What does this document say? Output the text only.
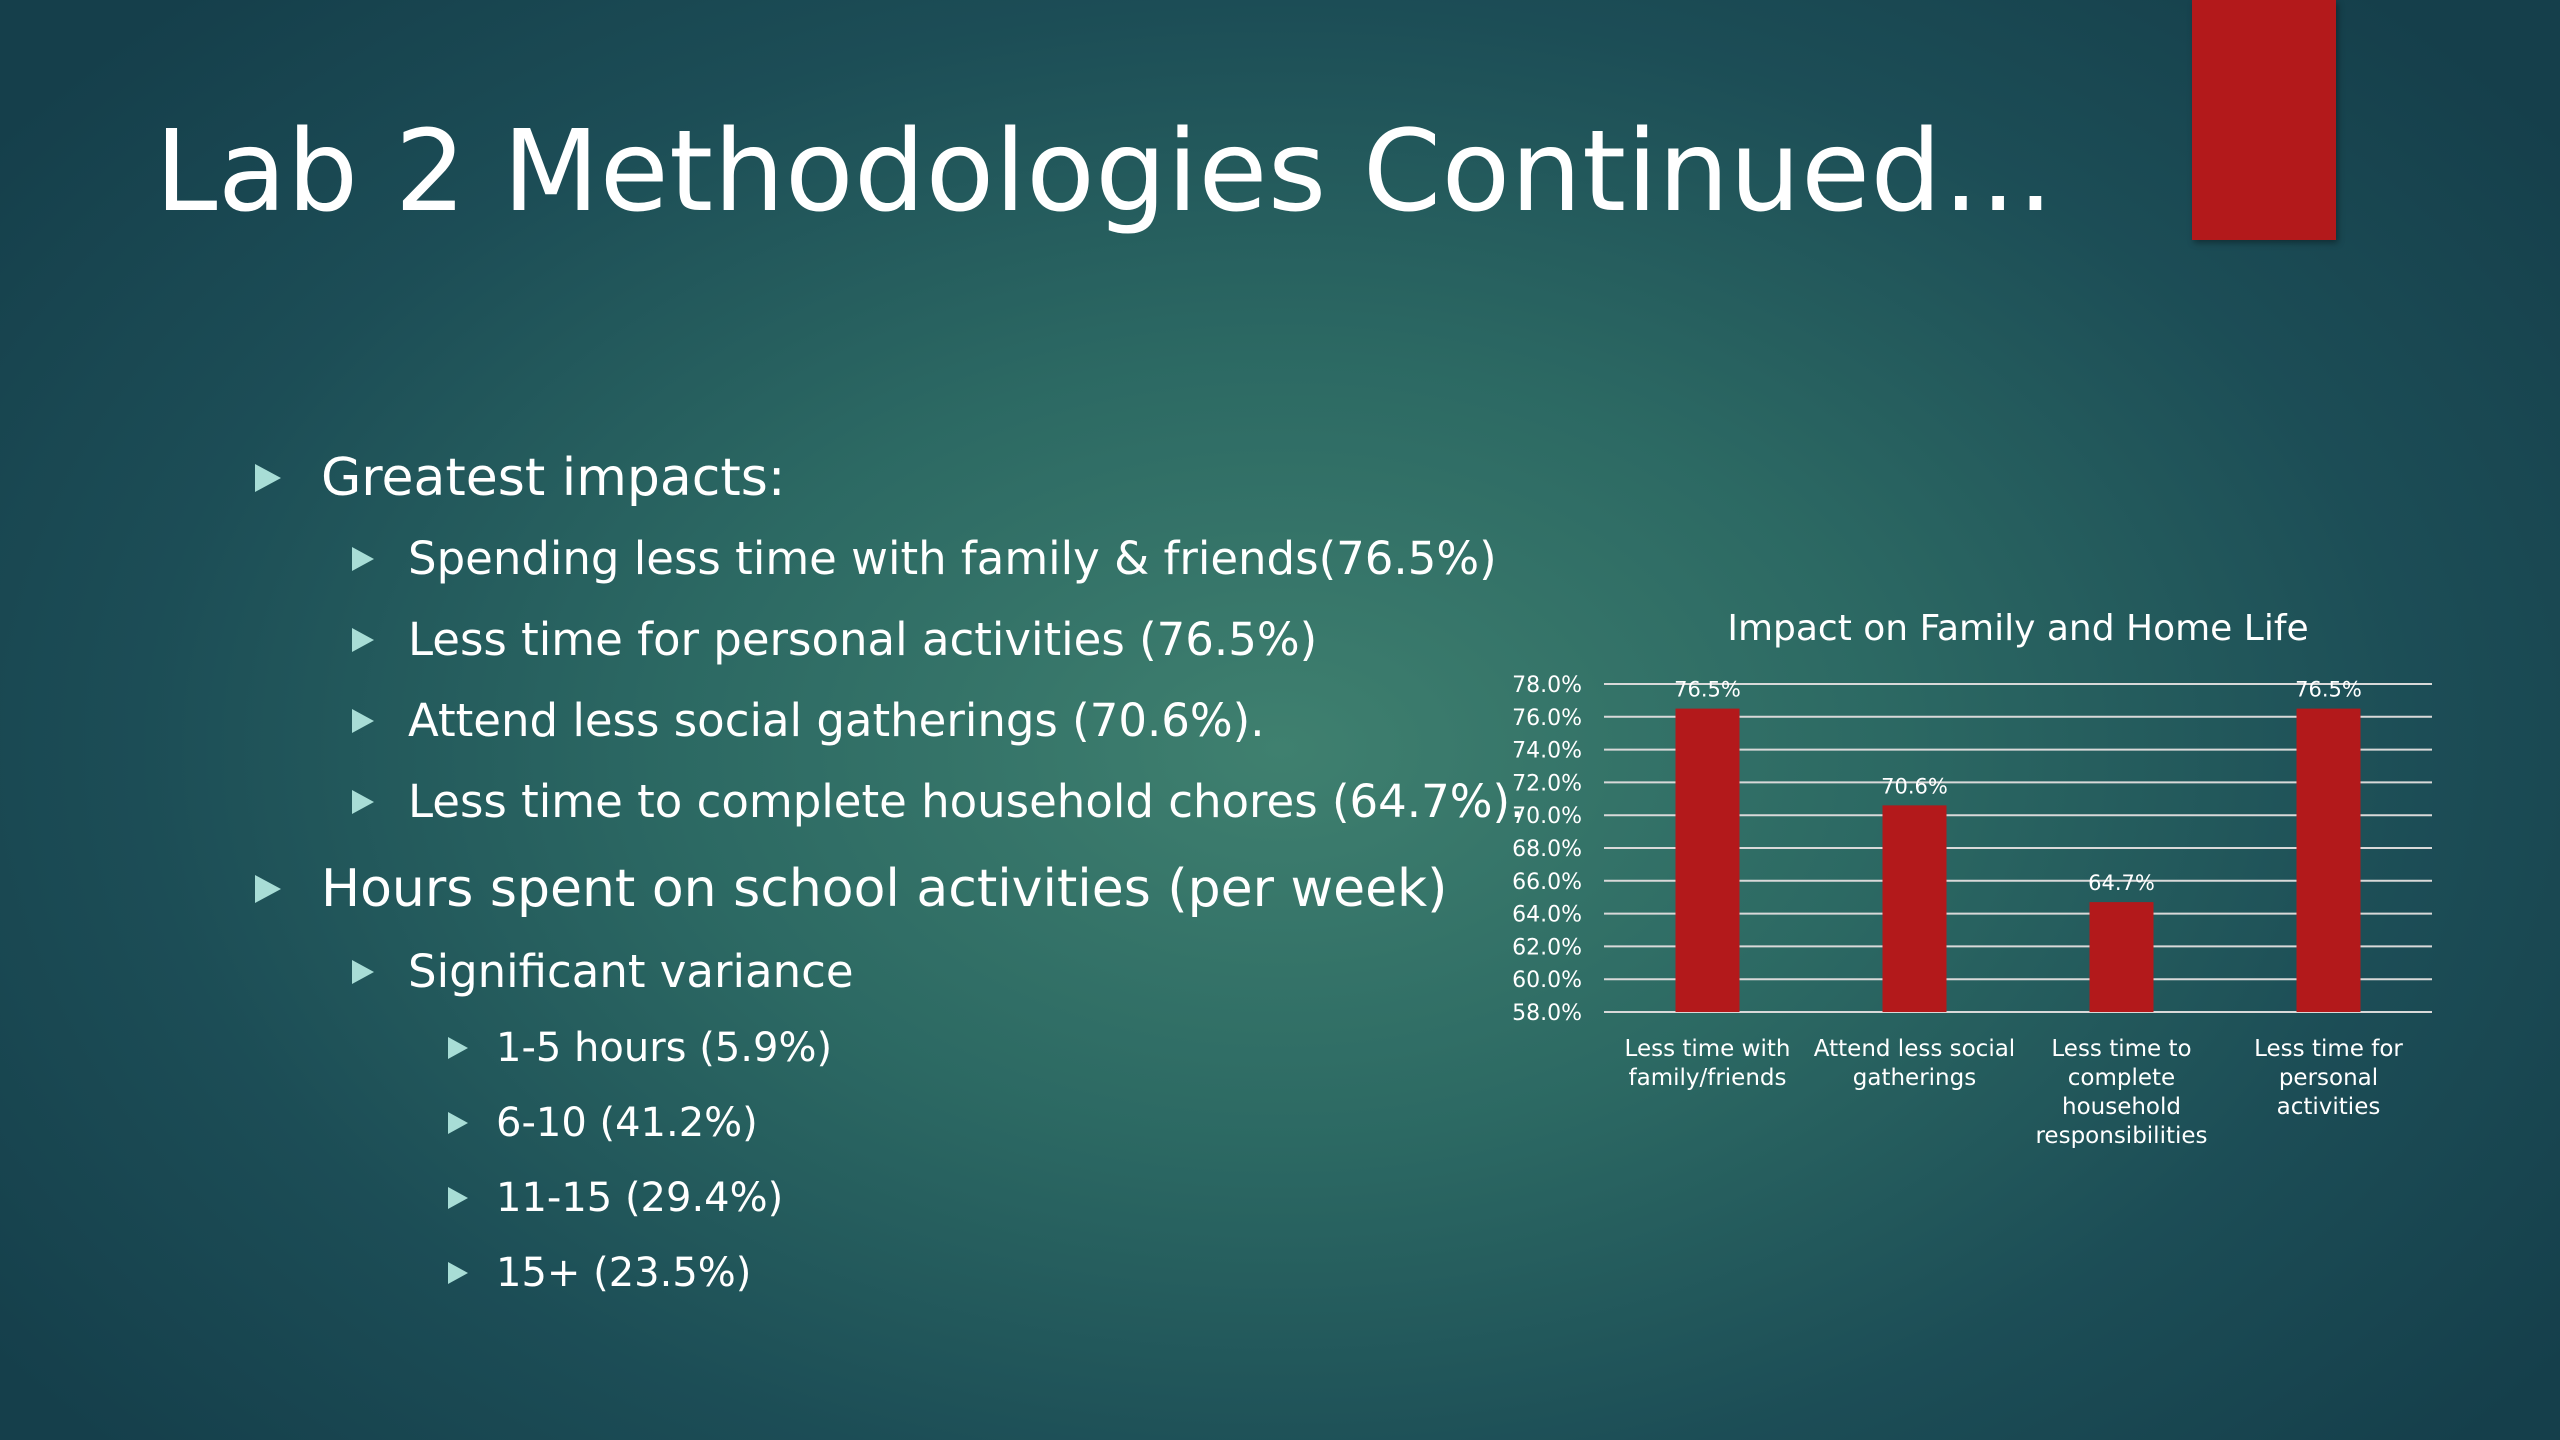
Lab 2 Methodologies Continued…
Greatest impacts:
Spending less time with family & friends(76.5%)
Less time for personal activities (76.5%)
Attend less social gatherings (70.6%).
Less time to complete household chores (64.7%).
Hours spent on school activities (per week)
Significant variance
1-5 hours (5.9%)
6-10 (41.2%)
11-15 (29.4%)
15+ (23.5%)
Impact on Family and Home Life
78.0%
76.0%
74.0%
72.0%
70.0%
68.0%
66.0%
64.0%
62.0%
60.0%
58.0%
76.5%
Less time with
family/friends
70.6%
Attend less social
gatherings
64.7%
Less time to
complete
household
responsibilities
76.5%
Less time for
personal
activities
